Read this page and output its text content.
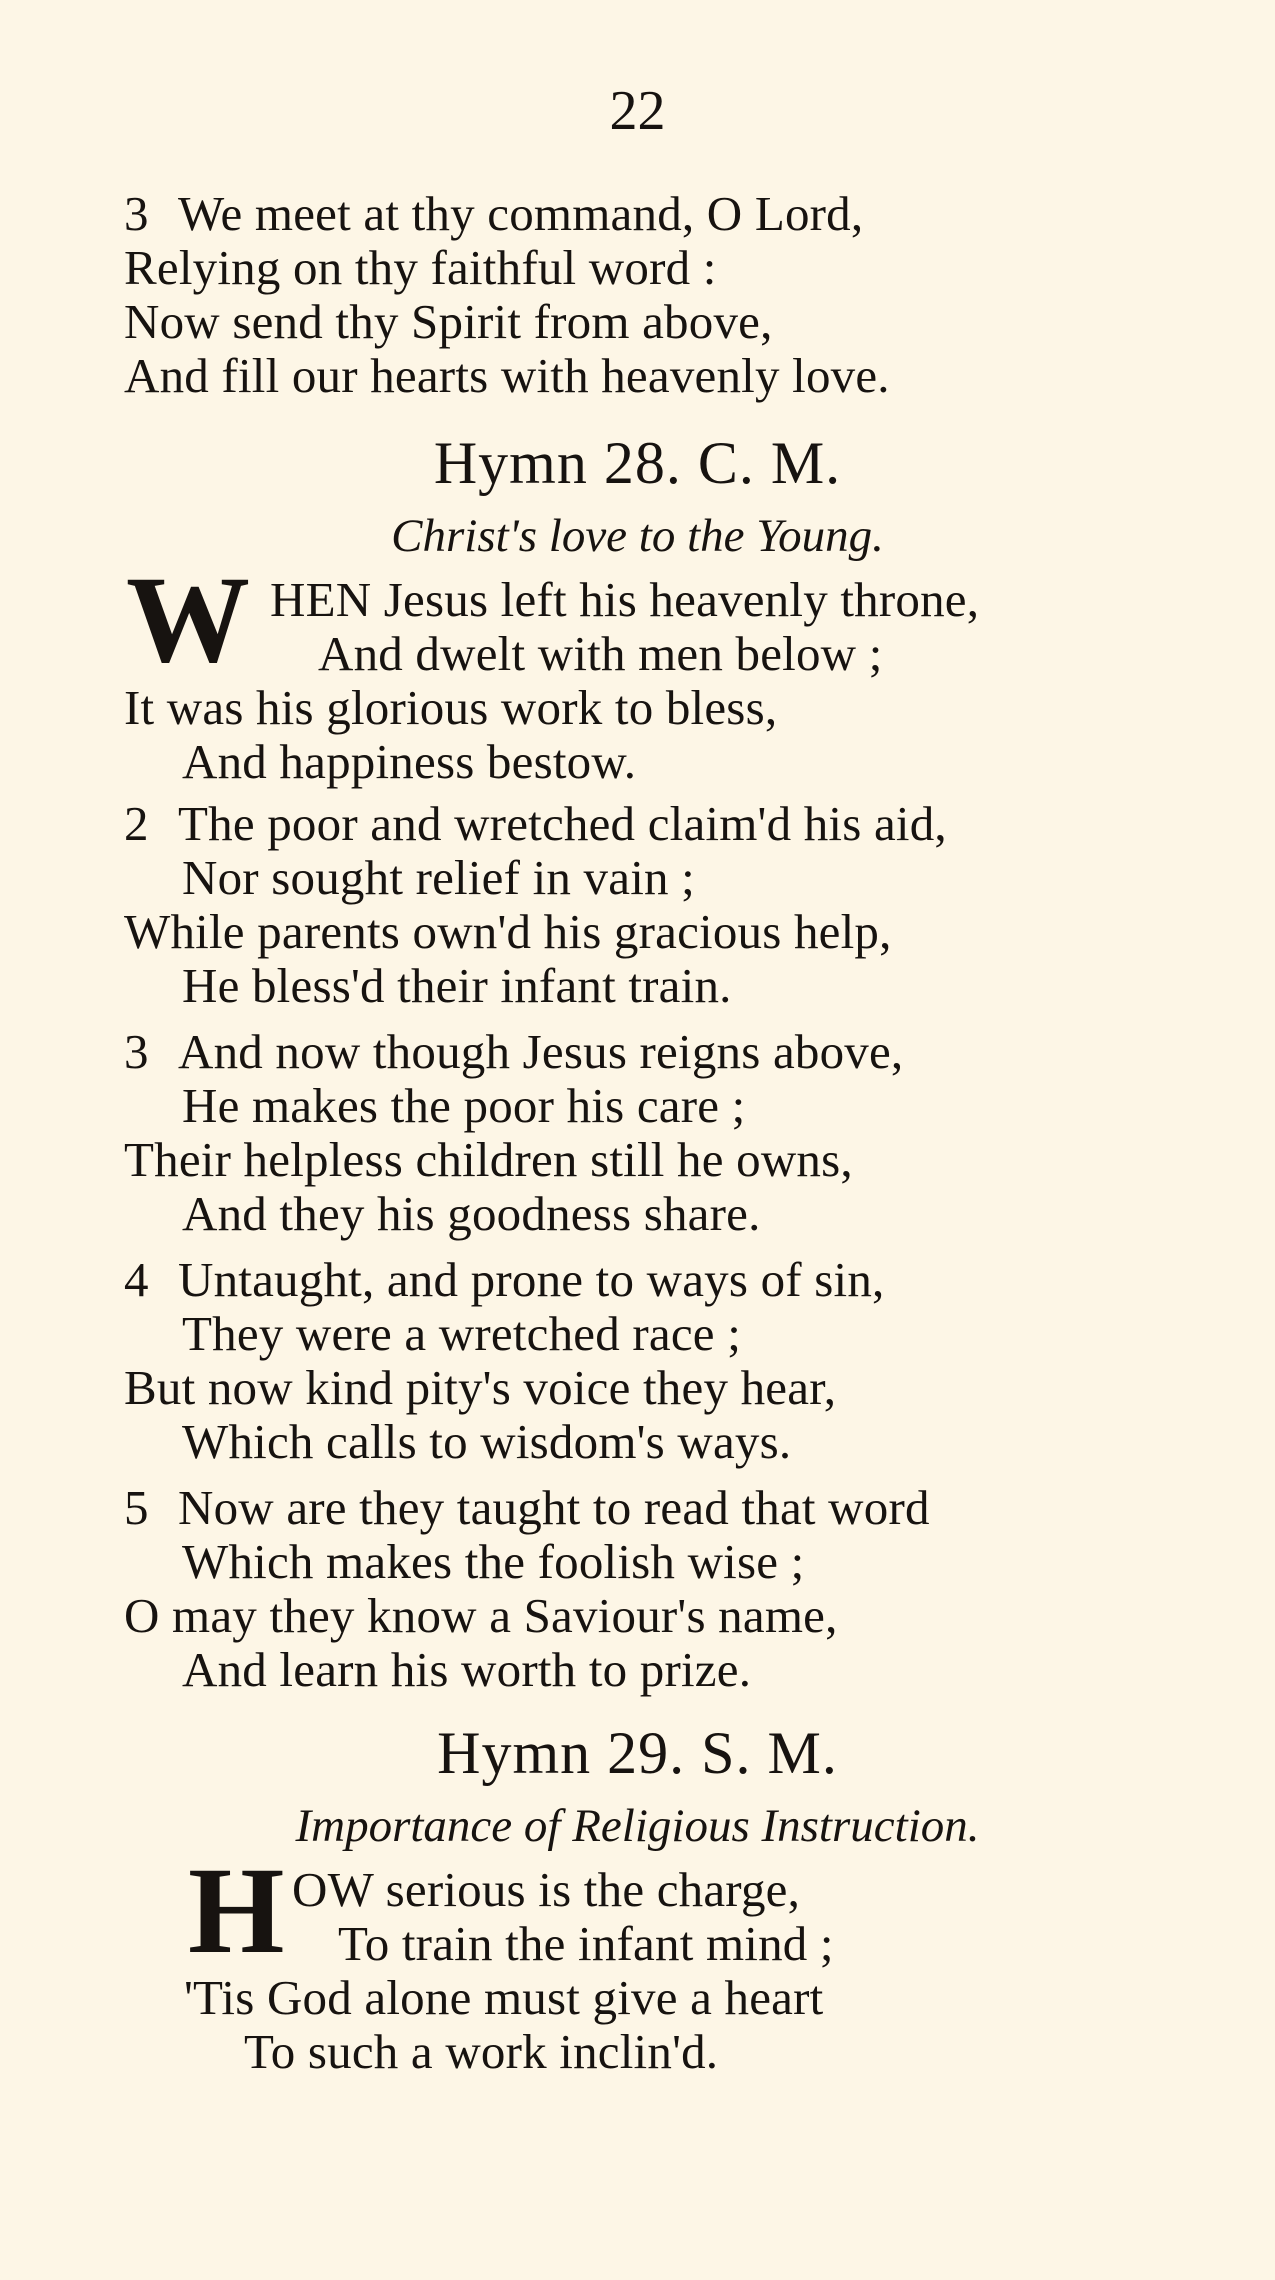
22
3 We meet at thy command, O Lord,
Relying on thy faithful word :
Now send thy Spirit from above,
And fill our hearts with heavenly love.
Hymn 28. C. M.
Christ's love to the Young.
W HEN Jesus left his heavenly throne,
And dwelt with men below ;
It was his glorious work to bless,
And happiness bestow.
2 The poor and wretched claim'd his aid,
Nor sought relief in vain ;
While parents own'd his gracious help,
He bless'd their infant train.
3 And now though Jesus reigns above,
He makes the poor his care ;
Their helpless children still he owns,
And they his goodness share.
4 Untaught, and prone to ways of sin,
They were a wretched race ;
But now kind pity's voice they hear,
Which calls to wisdom's ways.
5 Now are they taught to read that word
Which makes the foolish wise ;
O may they know a Saviour's name,
And learn his worth to prize.
Hymn 29. S. M.
Importance of Religious Instruction.
H OW serious is the charge,
To train the infant mind ;
'Tis God alone must give a heart
To such a work inclin'd.
